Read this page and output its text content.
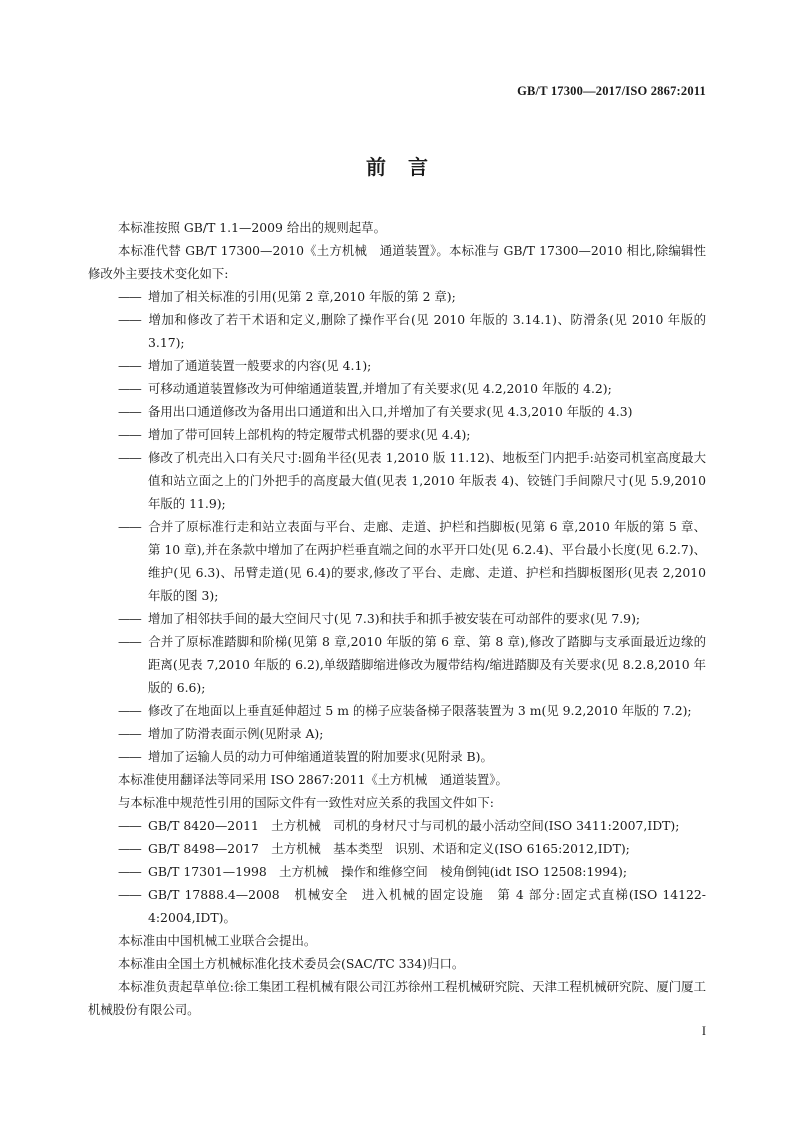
GB/T 17300—2017/ISO 2867:2011
前言

本标准按照 GB/T 1.1—2009 给出的规则起草。

本标准代替 GB/T 17300—2010《土方机械　通道装置》。本标准与 GB/T 17300—2010 相比,除编辑性修改外主要技术变化如下:

—— 增加了相关标准的引用(见第 2 章,2010 年版的第 2 章);

—— 增加和修改了若干术语和定义,删除了操作平台(见 2010 年版的 3.14.1)、防滑条(见 2010 年版的 3.17);

—— 增加了通道装置一般要求的内容(见 4.1);

—— 可移动通道装置修改为可伸缩通道装置,并增加了有关要求(见 4.2,2010 年版的 4.2);

—— 备用出口通道修改为备用出口通道和出入口,并增加了有关要求(见 4.3,2010 年版的 4.3)

—— 增加了带可回转上部机构的特定履带式机器的要求(见 4.4);

—— 修改了机壳出入口有关尺寸:圆角半径(见表 1,2010 版 11.12)、地板至门内把手:站姿司机室高度最大值和站立面之上的门外把手的高度最大值(见表 1,2010 年版表 4)、铰链门手间隙尺寸(见 5.9,2010 年版的 11.9);

—— 合并了原标准行走和站立表面与平台、走廊、走道、护栏和挡脚板(见第 6 章,2010 年版的第 5 章、第 10 章),并在条款中增加了在两护栏垂直端之间的水平开口处(见 6.2.4)、平台最小长度(见 6.2.7)、维护(见 6.3)、吊臂走道(见 6.4)的要求,修改了平台、走廊、走道、护栏和挡脚板图形(见表 2,2010 年版的图 3);

—— 增加了相邻扶手间的最大空间尺寸(见 7.3)和扶手和抓手被安装在可动部件的要求(见 7.9);

—— 合并了原标准踏脚和阶梯(见第 8 章,2010 年版的第 6 章、第 8 章),修改了踏脚与支承面最近边缘的距离(见表 7,2010 年版的 6.2),单级踏脚缩进修改为履带结构/缩进踏脚及有关要求(见 8.2.8,2010 年版的 6.6);

—— 修改了在地面以上垂直延伸超过 5 m 的梯子应装备梯子限落装置为 3 m(见 9.2,2010 年版的 7.2);

—— 增加了防滑表面示例(见附录 A);

—— 增加了运输人员的动力可伸缩通道装置的附加要求(见附录 B)。

本标准使用翻译法等同采用 ISO 2867:2011《土方机械　通道装置》。

与本标准中规范性引用的国际文件有一致性对应关系的我国文件如下:

—— GB/T 8420—2011　土方机械　司机的身材尺寸与司机的最小活动空间(ISO 3411:2007,IDT);

—— GB/T 8498—2017　土方机械　基本类型　识别、术语和定义(ISO 6165:2012,IDT);

—— GB/T 17301—1998　土方机械　操作和维修空间　棱角倒钝(idt ISO 12508:1994);

—— GB/T 17888.4—2008　机械安全　进入机械的固定设施　第 4 部分:固定式直梯(ISO 14122-4:2004,IDT)。

本标准由中国机械工业联合会提出。

本标准由全国土方机械标准化技术委员会(SAC/TC 334)归口。

本标准负责起草单位:徐工集团工程机械有限公司江苏徐州工程机械研究院、天津工程机械研究院、厦门厦工机械股份有限公司。

I
